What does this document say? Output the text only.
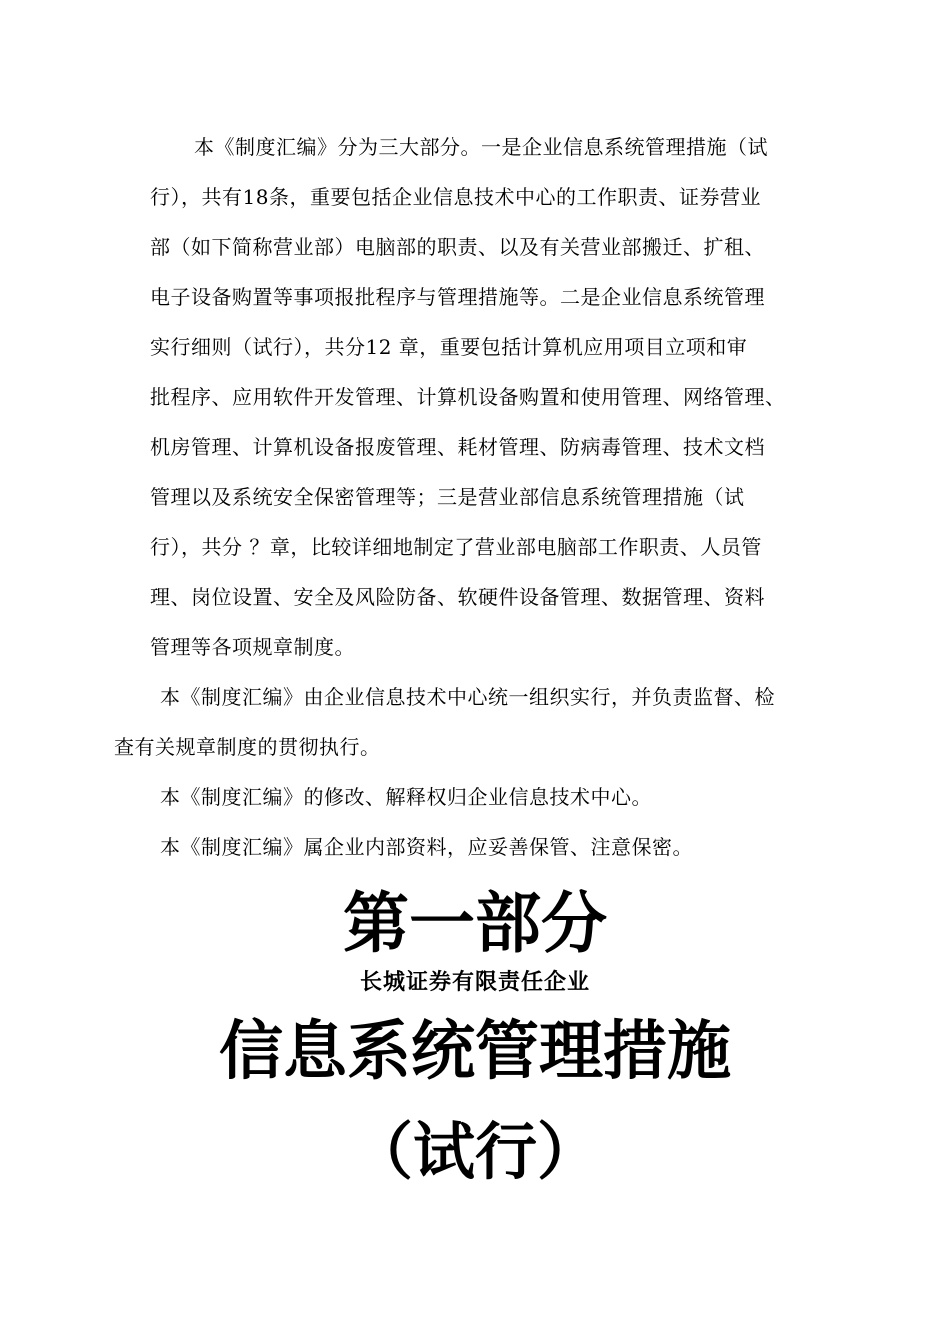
本《制度汇编》分为三大部分。一是企业信息系统管理措施（试
行），共有18条，重要包括企业信息技术中心的工作职责、证券营业
部（如下简称营业部）电脑部的职责、以及有关营业部搬迁、扩租、
电子设备购置等事项报批程序与管理措施等。二是企业信息系统管理
实行细则（试行），共分12 章，重要包括计算机应用项目立项和审
批程序、应用软件开发管理、计算机设备购置和使用管理、网络管理、
机房管理、计算机设备报废管理、耗材管理、防病毒管理、技术文档
管理以及系统安全保密管理等；三是营业部信息系统管理措施（试
行），共分 ？章，比较详细地制定了营业部电脑部工作职责、人员管
理、岗位设置、安全及风险防备、软硬件设备管理、数据管理、资料
管理等各项规章制度。
本《制度汇编》由企业信息技术中心统一组织实行，并负责监督、检
查有关规章制度的贯彻执行。
本《制度汇编》的修改、解释权归企业信息技术中心。
本《制度汇编》属企业内部资料，应妥善保管、注意保密。
第一部分
长城证券有限责任企业
信息系统管理措施
（试行）
